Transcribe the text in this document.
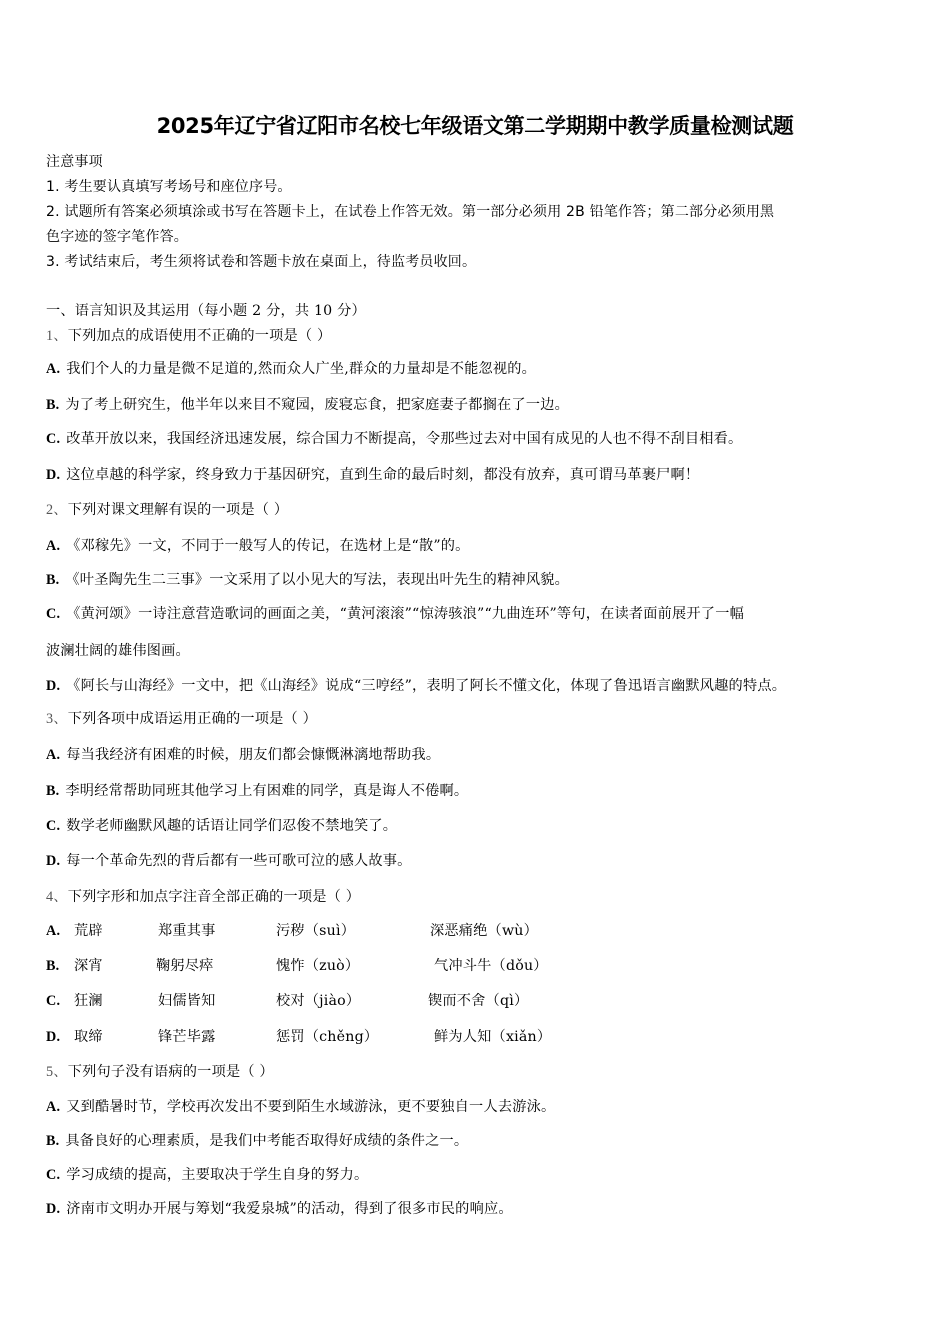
2025年辽宁省辽阳市名校七年级语文第二学期期中教学质量检测试题
注意事项
1. 考生要认真填写考场号和座位序号。
2. 试题所有答案必须填涂或书写在答题卡上，在试卷上作答无效。第一部分必须用 2B 铅笔作答；第二部分必须用黑
色字迹的签字笔作答。
3. 考试结束后，考生须将试卷和答题卡放在桌面上，待监考员收回。
一、语言知识及其运用（每小题 2 分，共 10 分）
1、下列加点的成语使用不正确的一项是（ ）
A. 我们个人的力量是微不足道的,然而众人广坐,群众的力量却是不能忽视的。
B. 为了考上研究生，他半年以来目不窥园，废寝忘食，把家庭妻子都搁在了一边。
C. 改革开放以来，我国经济迅速发展，综合国力不断提高，令那些过去对中国有成见的人也不得不刮目相看。
D. 这位卓越的科学家，终身致力于基因研究，直到生命的最后时刻，都没有放弃，真可谓马革裹尸啊！
2、下列对课文理解有误的一项是（ ）
A. 《邓稼先》一文，不同于一般写人的传记，在选材上是“散”的。
B. 《叶圣陶先生二三事》一文采用了以小见大的写法，表现出叶先生的精神风貌。
C. 《黄河颂》一诗注意营造歌词的画面之美，“黄河滚滚”“惊涛骇浪”“九曲连环”等句，在读者面前展开了一幅
波澜壮阔的雄伟图画。
D. 《阿长与山海经》一文中，把《山海经》说成“三哼经”，表明了阿长不懂文化，体现了鲁迅语言幽默风趣的特点。
3、下列各项中成语运用正确的一项是（ ）
A. 每当我经济有困难的时候，朋友们都会慷慨淋漓地帮助我。
B. 李明经常帮助同班其他学习上有困难的同学，真是诲人不倦啊。
C. 数学老师幽默风趣的话语让同学们忍俊不禁地笑了。
D. 每一个革命先烈的背后都有一些可歌可泣的感人故事。
4、下列字形和加点字注音全部正确的一项是（ ）
A. 荒辟	郑重其事	污秽（suì）	深恶痛绝（wù）
B. 深宵	鞠躬尽瘁	愧怍（zuò）	气冲斗牛（dǒu）
C. 狂澜	妇儒皆知	校对（jiào）	锲而不舍（qì）
D. 取缔	锋芒毕露	惩罚（chěng）	鲜为人知（xiǎn）
5、下列句子没有语病的一项是（ ）
A. 又到酷暑时节，学校再次发出不要到陌生水域游泳，更不要独自一人去游泳。
B. 具备良好的心理素质，是我们中考能否取得好成绩的条件之一。
C. 学习成绩的提高，主要取决于学生自身的努力。
D. 济南市文明办开展与筹划“我爱泉城”的活动，得到了很多市民的响应。
